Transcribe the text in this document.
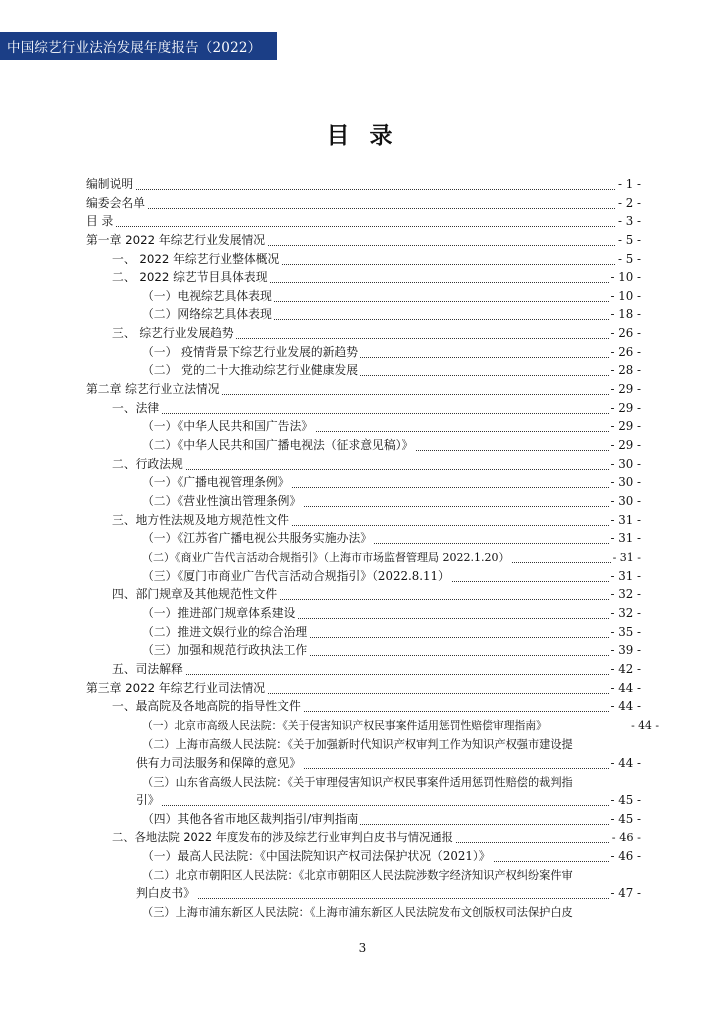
中国综艺行业法治发展年度报告（2022）
目 录
编制说明	- 1 -
编委会名单	- 2 -
目 录	- 3 -
第一章 2022 年综艺行业发展情况	- 5 -
一、 2022 年综艺行业整体概况	- 5 -
二、 2022 综艺节目具体表现	- 10 -
（一）电视综艺具体表现	- 10 -
（二）网络综艺具体表现	- 18 -
三、 综艺行业发展趋势	- 26 -
（一） 疫情背景下综艺行业发展的新趋势	- 26 -
（二） 党的二十大推动综艺行业健康发展	- 28 -
第二章 综艺行业立法情况	- 29 -
一、法律	- 29 -
（一）《中华人民共和国广告法》	- 29 -
（二）《中华人民共和国广播电视法（征求意见稿）》	- 29 -
二、行政法规	- 30 -
（一）《广播电视管理条例》	- 30 -
（二）《营业性演出管理条例》	- 30 -
三、地方性法规及地方规范性文件	- 31 -
（一）《江苏省广播电视公共服务实施办法》	- 31 -
（二）《商业广告代言活动合规指引》（上海市市场监督管理局 2022.1.20）	- 31 -
（三）《厦门市商业广告代言活动合规指引》（2022.8.11）	- 31 -
四、部门规章及其他规范性文件	- 32 -
（一）推进部门规章体系建设	- 32 -
（二）推进文娱行业的综合治理	- 35 -
（三）加强和规范行政执法工作	- 39 -
五、司法解释	- 42 -
第三章 2022 年综艺行业司法情况	- 44 -
一、最高院及各地高院的指导性文件	- 44 -
（一）北京市高级人民法院：《关于侵害知识产权民事案件适用惩罚性赔偿审理指南》	- 44 -
（二）上海市高级人民法院：《关于加强新时代知识产权审判工作为知识产权强市建设提
供有力司法服务和保障的意见》	- 44 -
（三）山东省高级人民法院：《关于审理侵害知识产权民事案件适用惩罚性赔偿的裁判指
引》	- 45 -
（四）其他各省市地区裁判指引/审判指南	- 45 -
二、各地法院 2022 年度发布的涉及综艺行业审判白皮书与情况通报	- 46 -
（一）最高人民法院：《中国法院知识产权司法保护状况（2021）》	- 46 -
（二）北京市朝阳区人民法院：《北京市朝阳区人民法院涉数字经济知识产权纠纷案件审
判白皮书》	- 47 -
（三）上海市浦东新区人民法院：《上海市浦东新区人民法院发布文创版权司法保护白皮
3
